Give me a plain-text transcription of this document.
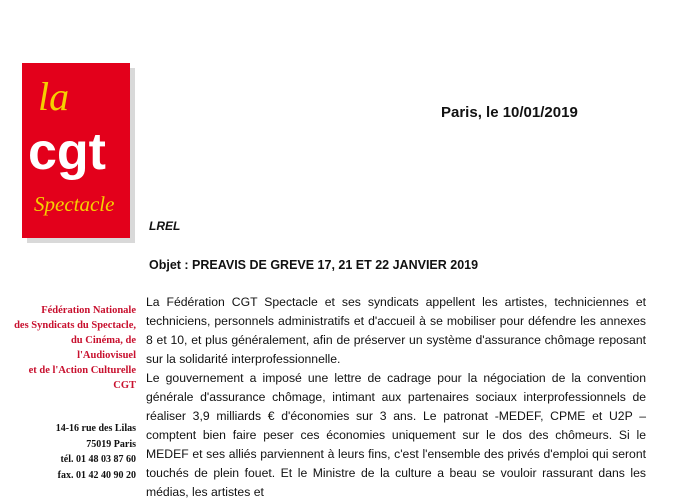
la
cgt
Spectacle
Paris, le 10/01/2019
LREL
Objet : PREAVIS DE GREVE 17, 21 ET 22 JANVIER 2019
Fédération Nationale
des Syndicats du Spectacle,
du Cinéma, de
l'Audiovisuel
et de l'Action Culturelle
CGT
14-16 rue des Lilas
75019 Paris
tél. 01 48 03 87 60
fax. 01 42 40 90 20

La Fédération CGT Spectacle et ses syndicats appellent les artistes, techniciennes et techniciens, personnels administratifs et d'accueil à se mobiliser pour défendre les annexes 8 et 10, et plus généralement, afin de préserver un système d'assurance chômage reposant sur la solidarité interprofessionnelle.

Le gouvernement a imposé une lettre de cadrage pour la négociation de la convention générale d'assurance chômage, intimant aux partenaires sociaux interprofessionnels de réaliser 3,9 milliards € d'économies sur 3 ans. Le patronat -MEDEF, CPME et U2P – comptent bien faire peser ces économies uniquement sur le dos des chômeurs. Si le MEDEF et ses alliés parviennent à leurs fins, c'est l'ensemble des privés d'emploi qui seront touchés de plein fouet. Et le Ministre de la culture a beau se vouloir rassurant dans les médias, les artistes et
